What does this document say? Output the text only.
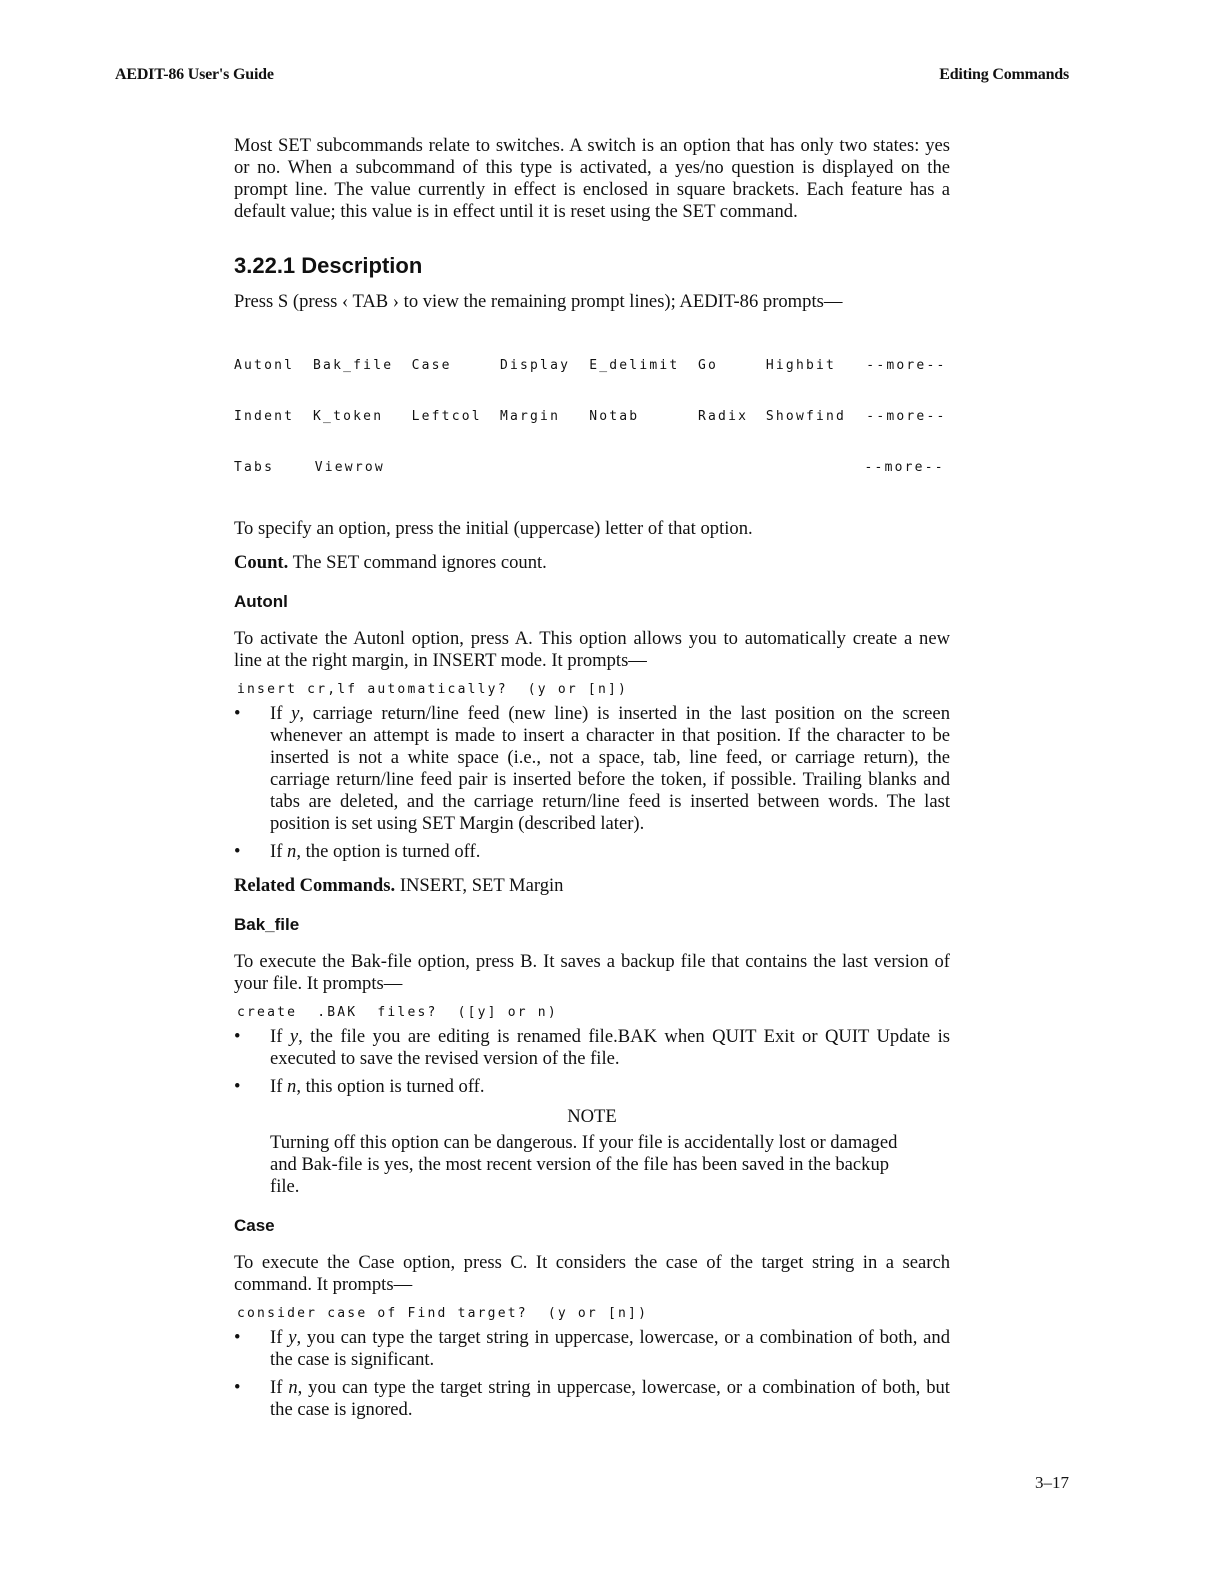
AEDIT-86 User's Guide	Editing Commands

Most SET subcommands relate to switches. A switch is an option that has only two states: yes or no. When a subcommand of this type is activated, a yes/no question is displayed on the prompt line. The value currently in effect is enclosed in square brackets. Each feature has a default value; this value is in effect until it is reset using the SET command.

3.22.1 Description

Press S (press ‹ TAB › to view the remaining prompt lines); AEDIT-86 prompts—

Autonl	Bak_file	Case	Display	E_delimit	Go	Highbit	--more--

Indent	K_token	Leftcol	Margin	Notab	Radix	Showfind	--more--

Tabs	Viewrow	--more--

To specify an option, press the initial (uppercase) letter of that option.

Count. The SET command ignores count.

Autonl

To activate the Autonl option, press A. This option allows you to automatically create a new line at the right margin, in INSERT mode. It prompts—

insert cr,lf automatically?  (y or [n])
• If y, carriage return/line feed (new line) is inserted in the last position on the screen whenever an attempt is made to insert a character in that position. If the character to be inserted is not a white space (i.e., not a space, tab, line feed, or carriage return), the carriage return/line feed pair is inserted before the token, if possible. Trailing blanks and tabs are deleted, and the carriage return/line feed is inserted between words. The last position is set using SET Margin (described later).
• If n, the option is turned off.

Related Commands. INSERT, SET Margin

Bak_file

To execute the Bak-file option, press B. It saves a backup file that contains the last version of your file. It prompts—

create  .BAK  files?  ([y] or n)
• If y, the file you are editing is renamed file.BAK when QUIT Exit or QUIT Update is executed to save the revised version of the file.
• If n, this option is turned off.
NOTE
Turning off this option can be dangerous. If your file is accidentally lost or damaged and Bak-file is yes, the most recent version of the file has been saved in the backup file.
Case

To execute the Case option, press C. It considers the case of the target string in a search command. It prompts—

consider case of Find target?  (y or [n])
• If y, you can type the target string in uppercase, lowercase, or a combination of both, and the case is significant.
• If n, you can type the target string in uppercase, lowercase, or a combination of both, but the case is ignored.
3–17
